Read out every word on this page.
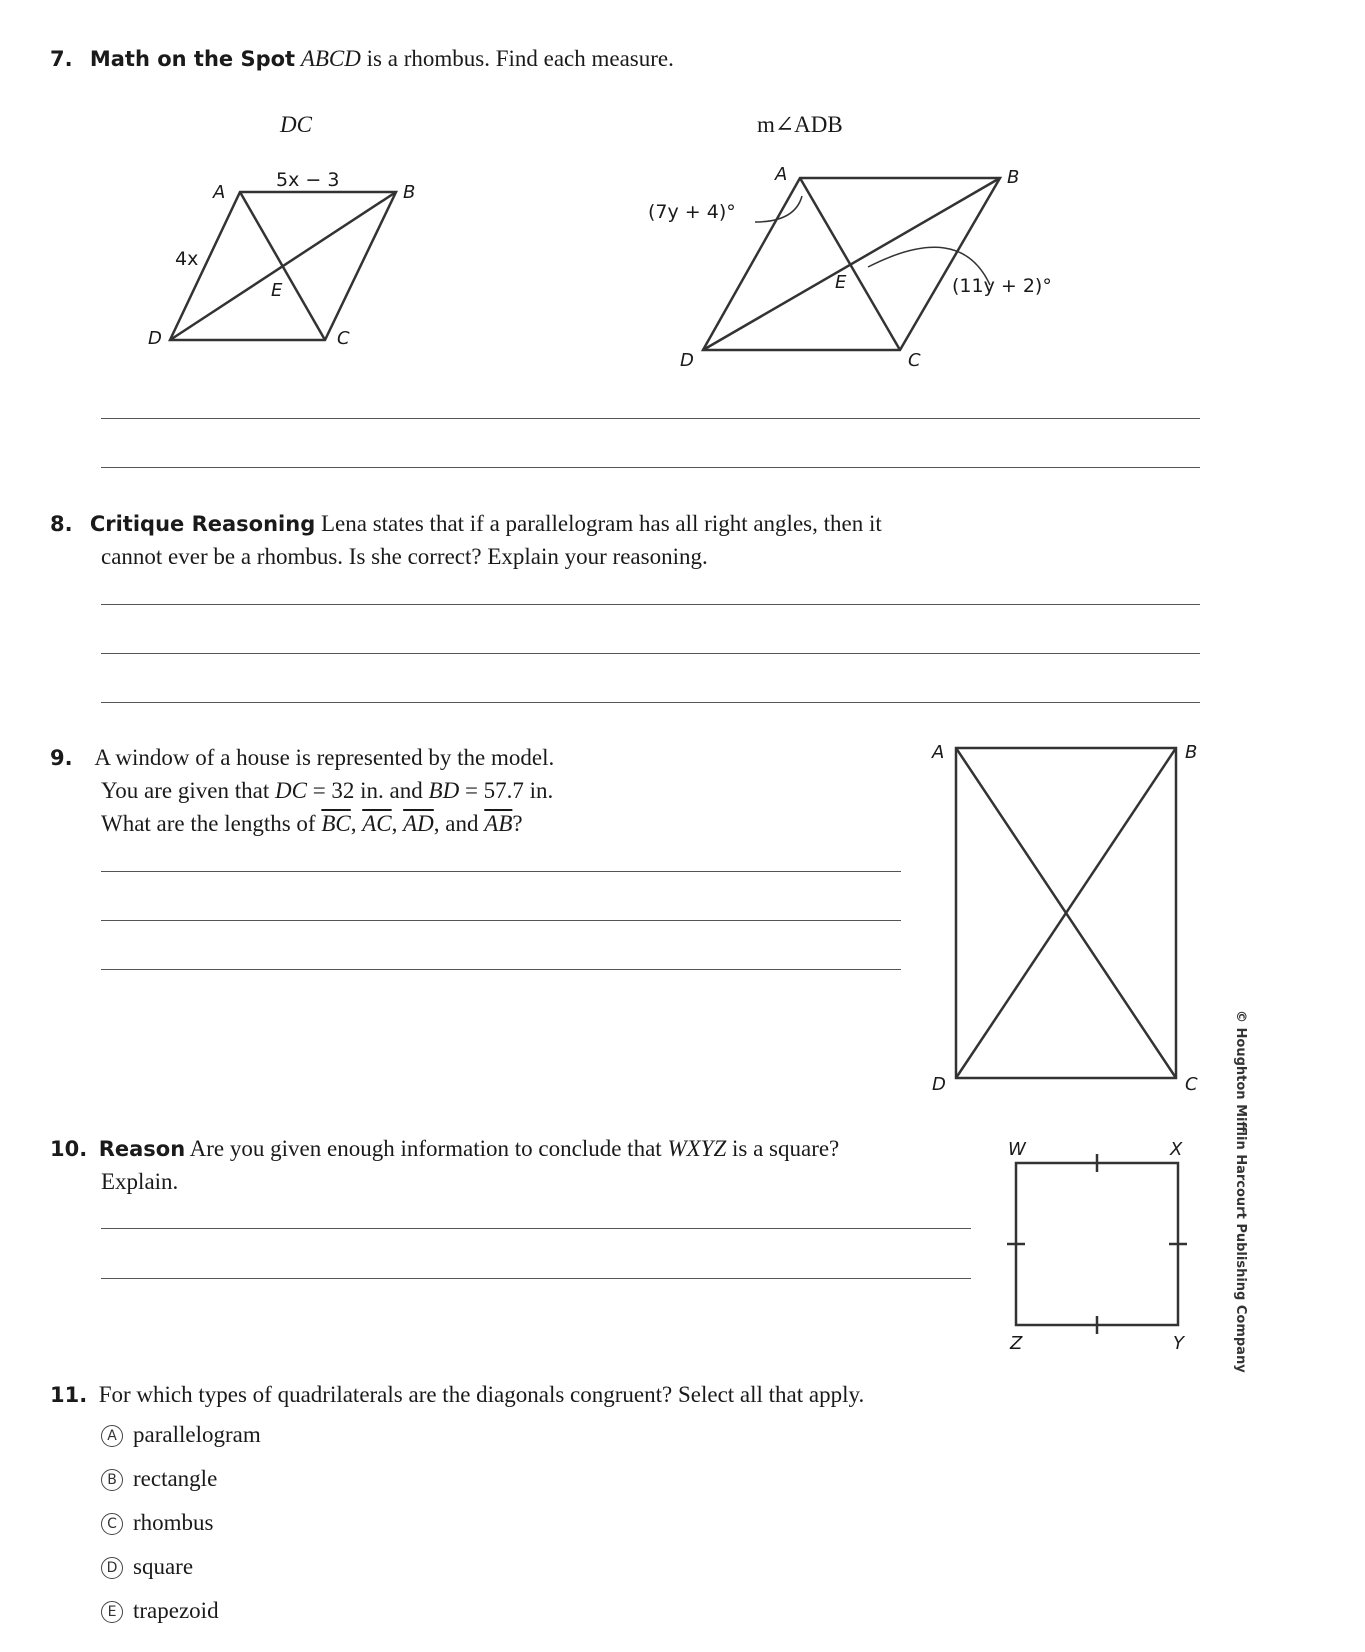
7. Math on the Spot ABCD is a rhombus. Find each measure.
DC	m∠ADB
5x − 3
4x
A	B
C
D
E
(7y + 4)°
(11y + 2)°
A	B
C
D
E
A	B
C
D
W	X
Y
Z
8. Critique Reasoning Lena states that if a parallelogram has all right angles, then it
cannot ever be a rhombus. Is she correct? Explain your reasoning.
9. A window of a house is represented by the model.
You are given that DC = 32 in. and BD = 57.7 in.
What are the lengths of $\overline{BC}$, $\overline{AC}$, $\overline{AD}$, and $\overline{AB}$?
10. Reason Are you given enough information to conclude that WXYZ is a square?
Explain.
11. For which types of quadrilaterals are the diagonals congruent? Select all that apply.
A parallelogram
B rectangle
C rhombus
D square
E trapezoid
© Houghton Mifflin Harcourt Publishing Company
